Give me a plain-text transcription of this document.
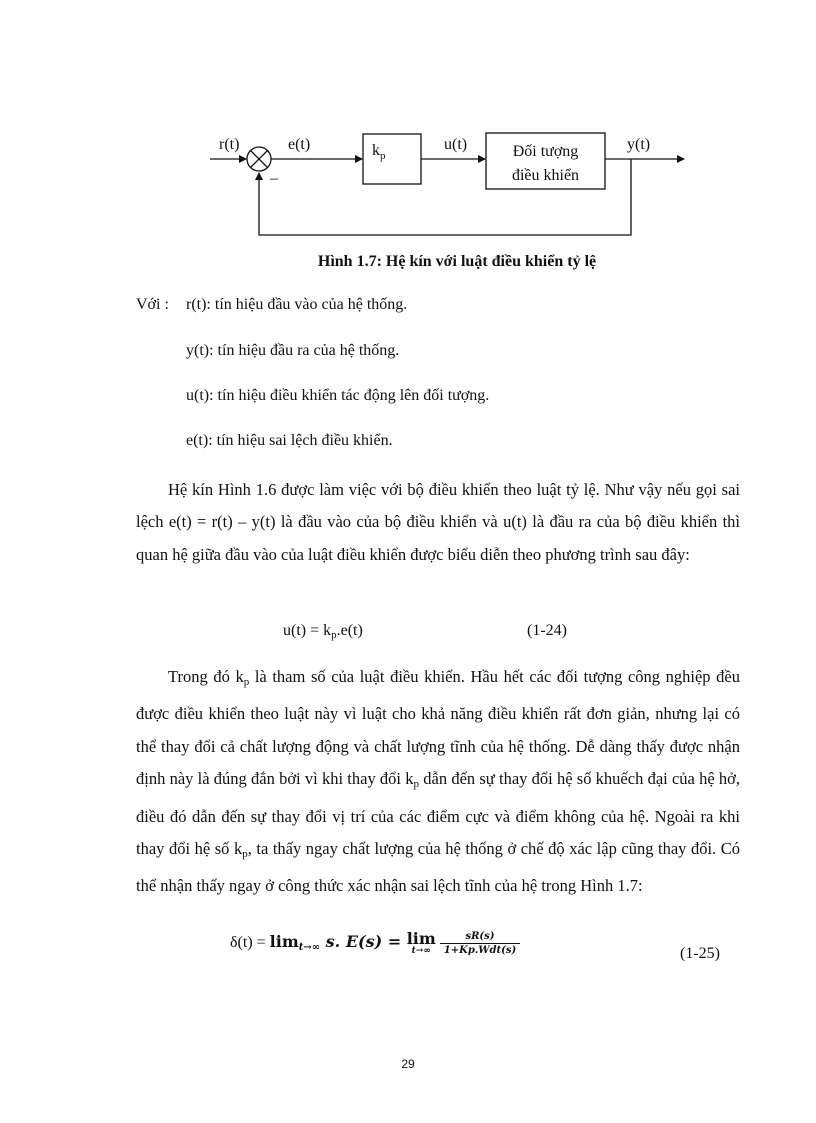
$k_p$	Đối tượng
điều khiển
r(t)	e(t)	u(t)	y(t)
–
Hình 1.7: Hệ kín với luật điều khiển tỷ lệ
Với : r(t): tín hiệu đầu vào của hệ thống.
y(t): tín hiệu đầu ra của hệ thống.
u(t): tín hiệu điều khiển tác động lên đối tượng.
e(t): tín hiệu sai lệch điều khiển.

Hệ kín Hình 1.6 được làm việc với bộ điều khiển theo luật tỷ lệ. Như vậy nếu gọi sai lệch e(t) = r(t) – y(t) là đầu vào của bộ điều khiển và u(t) là đầu ra của bộ điều khiển thì quan hệ giữa đầu vào của luật điều khiển được biểu diễn theo phương trình sau đây:

$u(t) = k_p.e(t)$	(1-24)

Trong đó $k_p$ là tham số của luật điều khiển. Hầu hết các đối tượng công nghiệp đều được điều khiển theo luật này vì luật cho khả năng điều khiển rất đơn giản, nhưng lại có thể thay đổi cả chất lượng động và chất lượng tĩnh của hệ thống. Dễ dàng thấy được nhận định này là đúng đắn bởi vì khi thay đổi $k_p$ dẫn đến sự thay đổi hệ số khuếch đại của hệ hở, điều đó dẫn đến sự thay đổi vị trí của các điểm cực và điểm không của hệ. Ngoài ra khi thay đổi hệ số $k_p$, ta thấy ngay chất lượng của hệ thống ở chế độ xác lập cũng thay đổi. Có thể nhận thấy ngay ở công thức xác nhận sai lệch tĩnh của hệ trong Hình 1.7:

$\delta(t) = \lim_{t\to\infty} s$. E(s) = lim
$t\to\infty \frac{sR(s)}{\text{1+Kp.Wdt(s)}}$	(1-25)
29
